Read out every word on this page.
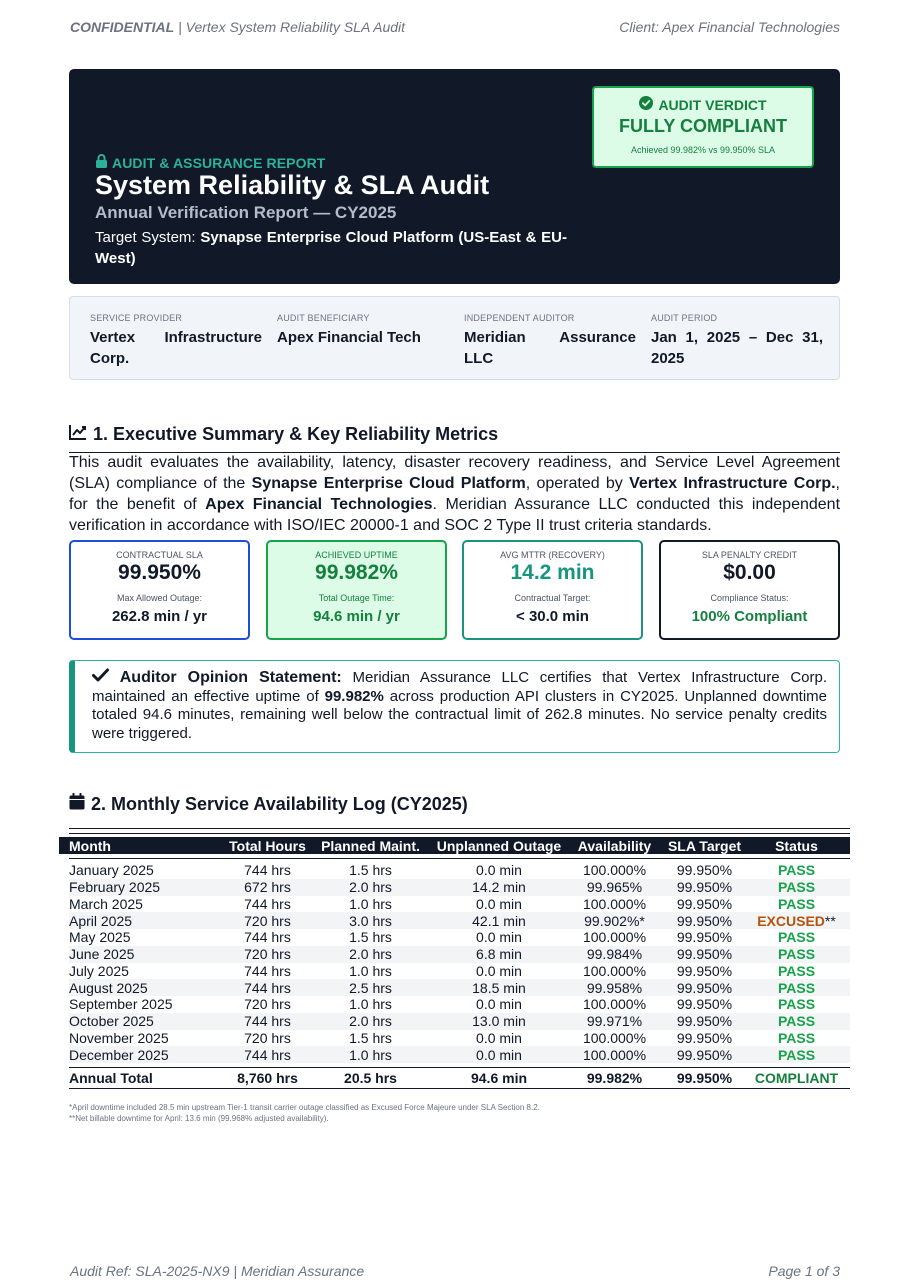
CONFIDENTIAL | Vertex System Reliability SLA Audit	Client: Apex Financial Technologies
AUDIT & ASSURANCE REPORT
System Reliability & SLA Audit
Annual Verification Report — CY2025
Target System: Synapse Enterprise Cloud Platform (US-East & EU-West)
AUDIT VERDICT
FULLY COMPLIANT
Achieved 99.982% vs 99.950% SLA
SERVICE PROVIDER
Vertex Infrastructure Corp.
AUDIT BENEFICIARY
Apex Financial Tech
INDEPENDENT AUDITOR
Meridian Assurance LLC
AUDIT PERIOD
Jan 1, 2025 – Dec 31, 2025
1. Executive Summary & Key Reliability Metrics

This audit evaluates the availability, latency, disaster recovery readiness, and Service Level Agreement (SLA) compliance of the Synapse Enterprise Cloud Platform, operated by Vertex Infrastructure Corp., for the benefit of Apex Financial Technologies. Meridian Assurance LLC conducted this independent verification in accordance with ISO/IEC 20000-1 and SOC 2 Type II trust criteria standards.

CONTRACTUAL SLA
99.950%
Max Allowed Outage:
262.8 min / yr
ACHIEVED UPTIME
99.982%
Total Outage Time:
94.6 min / yr
AVG MTTR (RECOVERY)
14.2 min
Contractual Target:
< 30.0 min
SLA PENALTY CREDIT
$0.00
Compliance Status:
100% Compliant
Auditor Opinion Statement: Meridian Assurance LLC certifies that Vertex Infrastructure Corp. maintained an effective uptime of 99.982% across production API clusters in CY2025. Unplanned downtime totaled 94.6 minutes, remaining well below the contractual limit of 262.8 minutes. No service penalty credits were triggered.
2. Monthly Service Availability Log (CY2025)
Month	Total Hours	Planned Maint.	Unplanned Outage	Availability	SLA Target	Status
January 2025	744 hrs	1.5 hrs	0.0 min	100.000%	99.950%	PASS
February 2025	672 hrs	2.0 hrs	14.2 min	99.965%	99.950%	PASS
March 2025	744 hrs	1.0 hrs	0.0 min	100.000%	99.950%	PASS
April 2025	720 hrs	3.0 hrs	42.1 min	99.902%*	99.950%	EXCUSED**
May 2025	744 hrs	1.5 hrs	0.0 min	100.000%	99.950%	PASS
June 2025	720 hrs	2.0 hrs	6.8 min	99.984%	99.950%	PASS
July 2025	744 hrs	1.0 hrs	0.0 min	100.000%	99.950%	PASS
August 2025	744 hrs	2.5 hrs	18.5 min	99.958%	99.950%	PASS
September 2025	720 hrs	1.0 hrs	0.0 min	100.000%	99.950%	PASS
October 2025	744 hrs	2.0 hrs	13.0 min	99.971%	99.950%	PASS
November 2025	720 hrs	1.5 hrs	0.0 min	100.000%	99.950%	PASS
December 2025	744 hrs	1.0 hrs	0.0 min	100.000%	99.950%	PASS
Annual Total	8,760 hrs	20.5 hrs	94.6 min	99.982%	99.950%	COMPLIANT
*April downtime included 28.5 min upstream Tier-1 transit carrier outage classified as Excused Force Majeure under SLA Section 8.2.
**Net billable downtime for April: 13.6 min (99.968% adjusted availability).
Audit Ref: SLA-2025-NX9 | Meridian Assurance	Page 1 of 3
